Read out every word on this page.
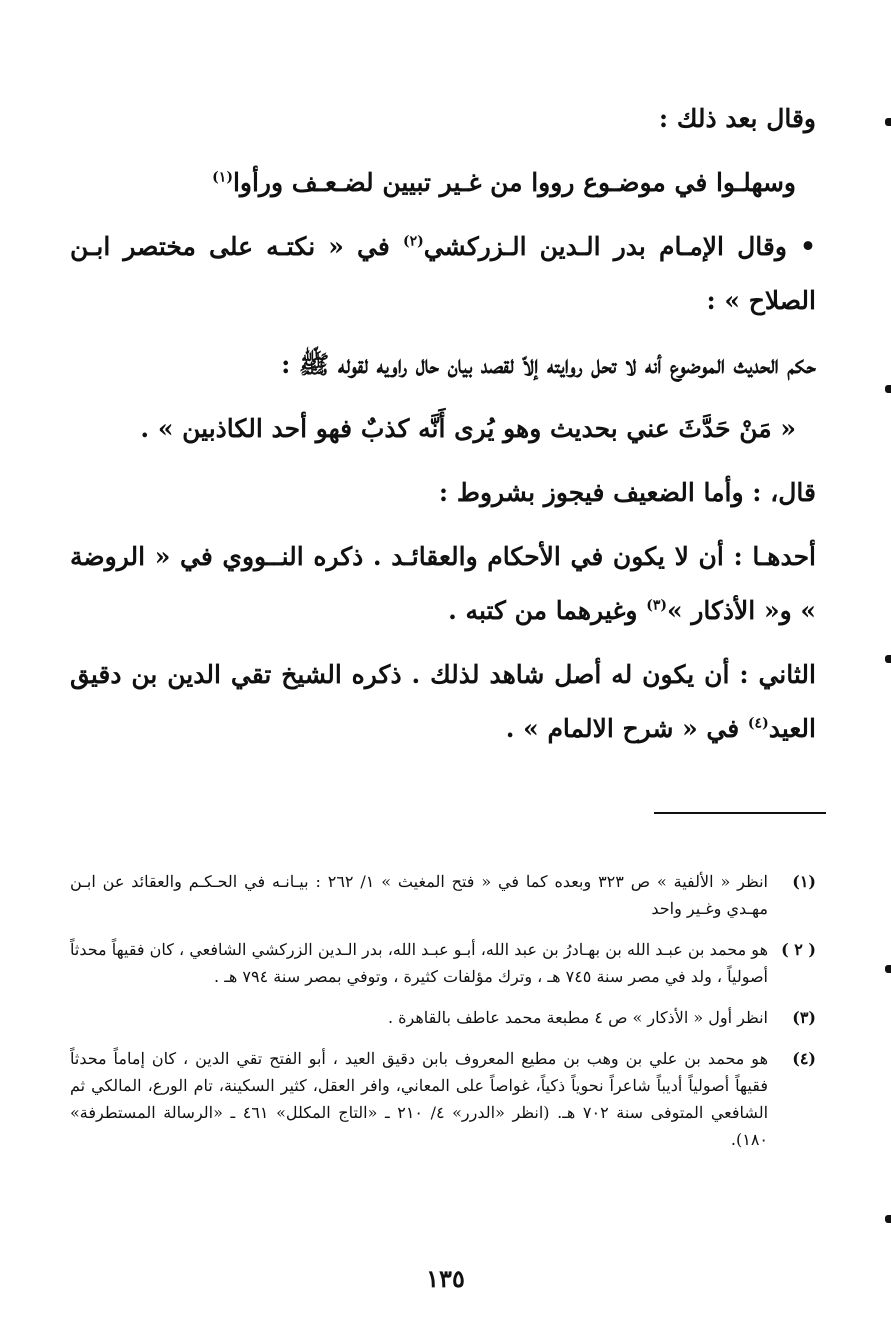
وقال بعد ذلك :

وسهلـوا في موضـوع رووا من غـير تبيين لضـعـف ورأوا$^{(١)}$

• وقال الإمـام بدر الـدين الـزركشي$^{(٢)}$ في « نكتـه على مختصر ابـن الصلاح » :

حكم الحديث الموضوع أنه لا تحل روايته إلاّ لقصد بيان حال راويه لقوله ﷺ :

« مَنْ حَدَّثَ عني بحديث وهو يُرى أَنَّه كذبٌ فهو أحد الكاذبين » .

قال، : وأما الضعيف فيجوز بشروط :

أحدهـا : أن لا يكون في الأحكام والعقائـد . ذكره النــووي في « الروضة » و« الأذكار »$^{(٣)}$ وغيرهما من كتبه .

الثاني : أن يكون له أصل شاهد لذلك . ذكره الشيخ تقي الدين بن دقيق العيد$^{(٤)}$ في « شرح الالمام » .

(١)
انظر « الألفية » ص ٣٢٣ وبعده كما في « فتح المغيث » ١/ ٢٦٢ : بيـانـه في الحـكـم والعقائد عن ابـن مهـدي وغـير واحد
( ٢ )
هو محمد بن عبـد الله بن بهـادرُ بن عبد الله، أبـو عبـد الله، بدر الـدين الزركشي الشافعي ، كان فقيهاً محدثاً أصولياً ، ولد في مصر سنة ٧٤٥ هـ ، وترك مؤلفات كثيرة ، وتوفي بمصر سنة ٧٩٤ هـ .
(٣)
انظر أول « الأذكار » ص ٤ مطبعة محمد عاطف بالقاهرة .
(٤)
هو محمد بن علي بن وهب بن مطيع المعروف بابن دقيق العيد ، أبو الفتح تقي الدين ، كان إماماً محدثاً فقيهاً أصولياً أديباً شاعراً نحوياً ذكياً، غواصاً على المعاني، وافر العقل، كثير السكينة، تام الورع، المالكي ثم الشافعي المتوفى سنة ٧٠٢ هـ. (انظر «الدرر» ٤/ ٢١٠ ـ «التاج المكلل» ٤٦١ ـ «الرسالة المستطرفة» ١٨٠).
١٣٥
